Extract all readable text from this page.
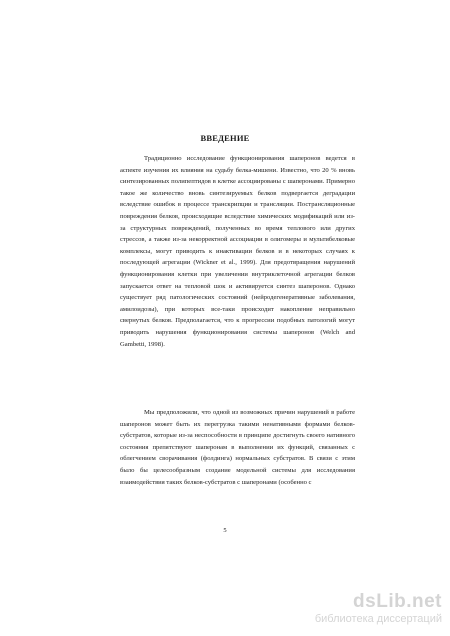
ВВЕДЕНИЕ

Традиционно исследование функционирования шаперонов ведется в аспекте изучения их влияния на судьбу белка-мишени. Известно, что 20 % вновь синтезированных полипептидов в клетке ассоциированы с шаперонами. Примерно такое же количество вновь синтезируемых белков подвергается деградации вследствие ошибок в процессе транскрипции и трансляции. Пострансляционные повреждения белков, происходящие вследствие химических модификаций или из-за структурных повреждений, полученных во время теплового или других стрессов, а также из-за некорректной ассоциации в олигомеры и мультибелковые комплексы, могут приводить к инактивации белков и в некоторых случаях к последующей агрегации (Wickner et al., 1999). Для предотвращения нарушений функционирования клетки при увеличении внутриклеточной агрегации белков запускается ответ на тепловой шок и активируется синтез шаперонов. Однако существует ряд патологических состояний (нейродегенеративные заболевания, амилоидозы), при которых все-таки происходит накопление неправильно свернутых белков. Предполагается, что к прогрессии подобных патологий могут приводить нарушения функционирования системы шаперонов (Welch and Gambetti, 1998).

Мы предположили, что одной из возможных причин нарушений в работе шаперонов может быть их перегрузка такими ненативными формами белков-субстратов, которые из-за неспособности в принципе достигнуть своего нативного состояния препятствуют шаперонам в выполнении их функций, связанных с облегчением сворачивания (фолдинга) нормальных субстратов. В связи с этим было бы целесообразным создание модельной системы для исследования взаимодействия таких белков-субстратов с шаперонами (особенно с

5
dsLib.net
библиотека диссертаций
